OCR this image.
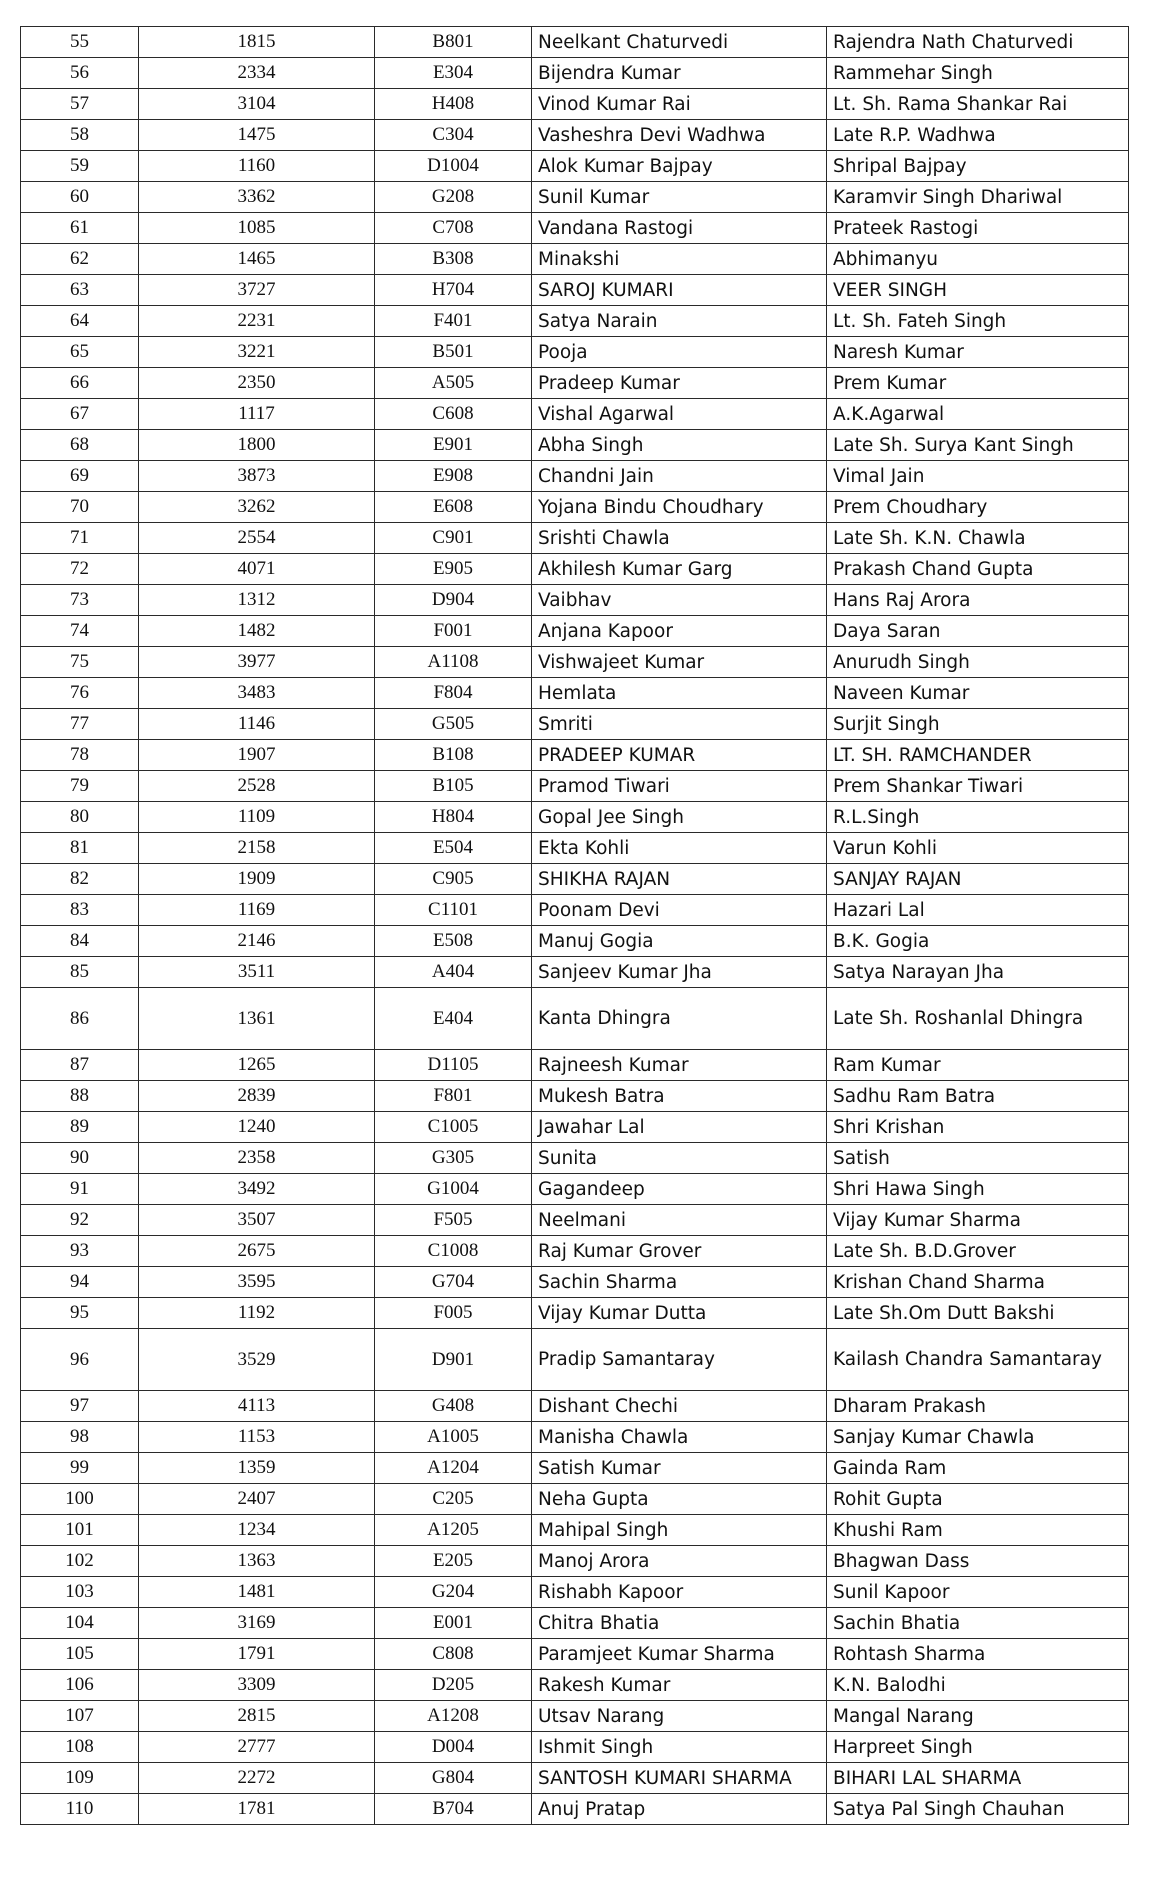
55	1815	B801	Neelkant Chaturvedi	Rajendra Nath Chaturvedi
56	2334	E304	Bijendra Kumar	Rammehar Singh
57	3104	H408	Vinod Kumar Rai	Lt. Sh. Rama Shankar Rai
58	1475	C304	Vasheshra Devi Wadhwa	Late R.P. Wadhwa
59	1160	D1004	Alok Kumar Bajpay	Shripal Bajpay
60	3362	G208	Sunil Kumar	Karamvir Singh Dhariwal
61	1085	C708	Vandana Rastogi	Prateek Rastogi
62	1465	B308	Minakshi	Abhimanyu
63	3727	H704	SAROJ KUMARI	VEER SINGH
64	2231	F401	Satya Narain	Lt. Sh. Fateh Singh
65	3221	B501	Pooja	Naresh Kumar
66	2350	A505	Pradeep Kumar	Prem Kumar
67	1117	C608	Vishal Agarwal	A.K.Agarwal
68	1800	E901	Abha Singh	Late Sh. Surya Kant Singh
69	3873	E908	Chandni Jain	Vimal Jain
70	3262	E608	Yojana Bindu Choudhary	Prem Choudhary
71	2554	C901	Srishti Chawla	Late Sh. K.N. Chawla
72	4071	E905	Akhilesh Kumar Garg	Prakash Chand Gupta
73	1312	D904	Vaibhav	Hans Raj Arora
74	1482	F001	Anjana Kapoor	Daya Saran
75	3977	A1108	Vishwajeet Kumar	Anurudh Singh
76	3483	F804	Hemlata	Naveen Kumar
77	1146	G505	Smriti	Surjit Singh
78	1907	B108	PRADEEP KUMAR	LT. SH. RAMCHANDER
79	2528	B105	Pramod Tiwari	Prem Shankar Tiwari
80	1109	H804	Gopal Jee Singh	R.L.Singh
81	2158	E504	Ekta Kohli	Varun Kohli
82	1909	C905	SHIKHA RAJAN	SANJAY RAJAN
83	1169	C1101	Poonam Devi	Hazari Lal
84	2146	E508	Manuj Gogia	B.K. Gogia
85	3511	A404	Sanjeev Kumar Jha	Satya Narayan Jha
86	1361	E404	Kanta Dhingra	Late Sh. Roshanlal Dhingra
87	1265	D1105	Rajneesh Kumar	Ram Kumar
88	2839	F801	Mukesh Batra	Sadhu Ram Batra
89	1240	C1005	Jawahar Lal	Shri Krishan
90	2358	G305	Sunita	Satish
91	3492	G1004	Gagandeep	Shri Hawa Singh
92	3507	F505	Neelmani	Vijay Kumar Sharma
93	2675	C1008	Raj Kumar Grover	Late Sh. B.D.Grover
94	3595	G704	Sachin Sharma	Krishan Chand Sharma
95	1192	F005	Vijay Kumar Dutta	Late Sh.Om Dutt Bakshi
96	3529	D901	Pradip Samantaray	Kailash Chandra Samantaray
97	4113	G408	Dishant Chechi	Dharam Prakash
98	1153	A1005	Manisha Chawla	Sanjay Kumar Chawla
99	1359	A1204	Satish Kumar	Gainda Ram
100	2407	C205	Neha Gupta	Rohit Gupta
101	1234	A1205	Mahipal Singh	Khushi Ram
102	1363	E205	Manoj Arora	Bhagwan Dass
103	1481	G204	Rishabh Kapoor	Sunil Kapoor
104	3169	E001	Chitra Bhatia	Sachin Bhatia
105	1791	C808	Paramjeet Kumar Sharma	Rohtash Sharma
106	3309	D205	Rakesh Kumar	K.N. Balodhi
107	2815	A1208	Utsav Narang	Mangal Narang
108	2777	D004	Ishmit Singh	Harpreet Singh
109	2272	G804	SANTOSH KUMARI SHARMA	BIHARI LAL SHARMA
110	1781	B704	Anuj Pratap	Satya Pal Singh Chauhan
